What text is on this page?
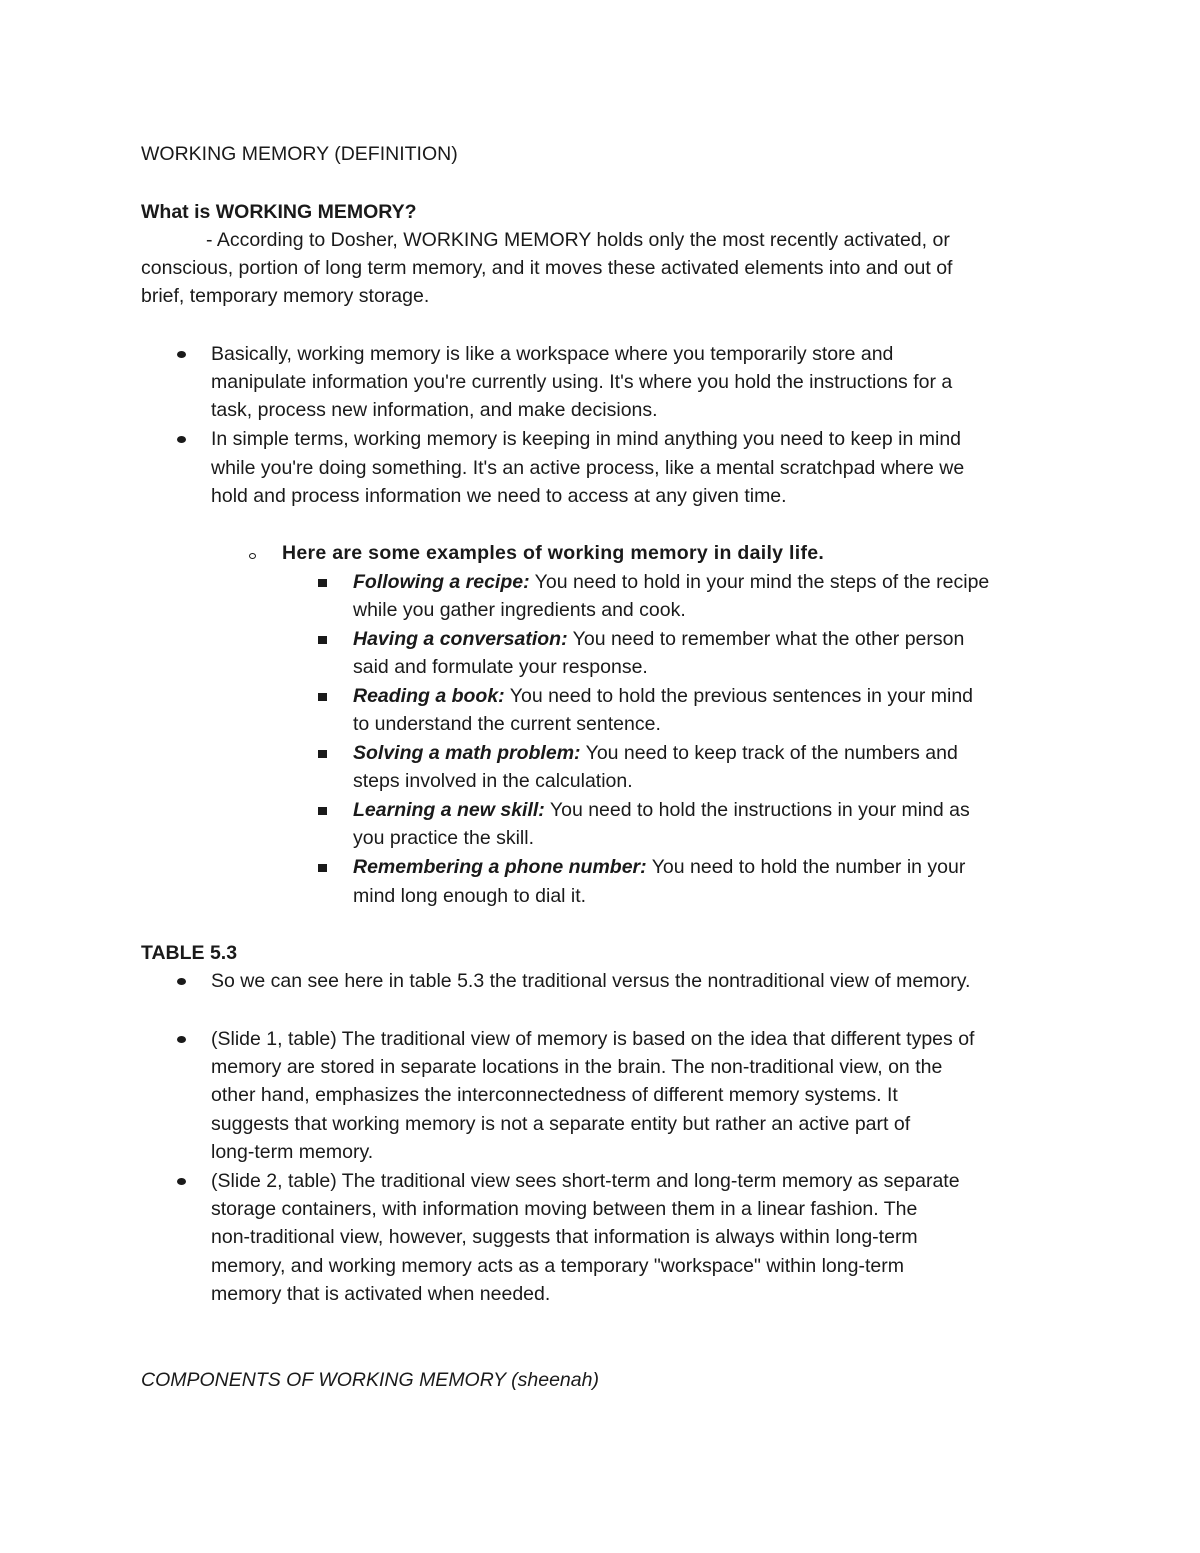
WORKING MEMORY (DEFINITION)
What is WORKING MEMORY?
- According to Dosher, WORKING MEMORY holds only the most recently activated, or
conscious, portion of long term memory, and it moves these activated elements into and out of
brief, temporary memory storage.
Basically, working memory is like a workspace where you temporarily store and
manipulate information you're currently using. It's where you hold the instructions for a
task, process new information, and make decisions.
In simple terms, working memory is keeping in mind anything you need to keep in mind
while you're doing something. It's an active process, like a mental scratchpad where we
hold and process information we need to access at any given time.
Here are some examples of working memory in daily life.
Following a recipe: You need to hold in your mind the steps of the recipe
while you gather ingredients and cook.
Having a conversation: You need to remember what the other person
said and formulate your response.
Reading a book: You need to hold the previous sentences in your mind
to understand the current sentence.
Solving a math problem: You need to keep track of the numbers and
steps involved in the calculation.
Learning a new skill: You need to hold the instructions in your mind as
you practice the skill.
Remembering a phone number: You need to hold the number in your
mind long enough to dial it.
TABLE 5.3
So we can see here in table 5.3 the traditional versus the nontraditional view of memory.
(Slide 1, table) The traditional view of memory is based on the idea that different types of
memory are stored in separate locations in the brain. The non-traditional view, on the
other hand, emphasizes the interconnectedness of different memory systems. It
suggests that working memory is not a separate entity but rather an active part of
long-term memory.
(Slide 2, table) The traditional view sees short-term and long-term memory as separate
storage containers, with information moving between them in a linear fashion. The
non-traditional view, however, suggests that information is always within long-term
memory, and working memory acts as a temporary "workspace" within long-term
memory that is activated when needed.
COMPONENTS OF WORKING MEMORY (sheenah)
